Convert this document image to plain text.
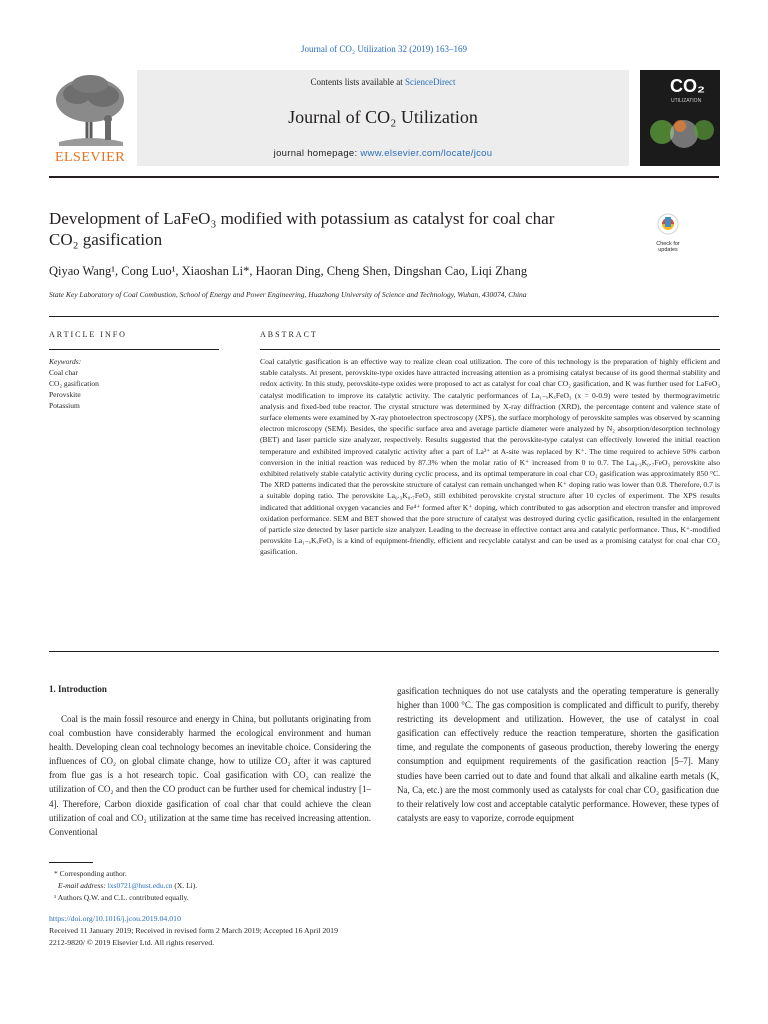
Journal of CO₂ Utilization 32 (2019) 163–169
ELSEVIER
Contents lists available at ScienceDirect
Journal of CO₂ Utilization
journal homepage: www.elsevier.com/locate/jcou
CO₂
UTILIZATION
Development of LaFeO₃ modified with potassium as catalyst for coal char
CO₂ gasification	Check for
updates
Qiyao Wang¹, Cong Luo¹, Xiaoshan Li*, Haoran Ding, Cheng Shen, Dingshan Cao, Liqi Zhang
State Key Laboratory of Coal Combustion, School of Energy and Power Engineering, Huazhong University of Science and Technology, Wuhan, 430074, China
ARTICLE INFO	ABSTRACT
Keywords:
Coal char
CO₂ gasification
Perovskite
Potassium
Coal catalytic gasification is an effective way to realize clean coal utilization. The core of this technology is the preparation of highly efficient and stable catalysts. At present, perovskite-type oxides have attracted increasing attention as a promising catalyst because of its good thermal stability and redox activity. In this study, perovskite-type oxides were proposed to act as catalyst for coal char CO₂ gasification, and K was further used for LaFeO₃ catalyst modification to improve its catalytic activity. The catalytic performances of La₁₋ₓKₓFeO₃ (x = 0-0.9) were tested by thermogravimetric analysis and fixed-bed tube reactor. The crystal structure was determined by X-ray diffraction (XRD), the percentage content and valence state of surface elements were examined by X-ray photoelectron spectroscopy (XPS), the surface morphology of perovskite samples was observed by scanning electron microscopy (SEM). Besides, the specific surface area and average particle diameter were analyzed by N₂ absorption/desorption technology (BET) and laser particle size analyzer, respectively. Results suggested that the perovskite-type catalyst can effectively lowered the initial reaction temperature and exhibited improved catalytic activity after a part of La³⁺ at A-site was replaced by K⁺. The time required to achieve 50% carbon conversion in the initial reaction was reduced by 87.3% when the molar ratio of K⁺ increased from 0 to 0.7. The La₀.₃K₀.₇FeO₃ perovskite also exhibited relatively stable catalytic activity during cyclic process, and its optimal temperature in coal char CO₂ gasification was approximately 850 °C. The XRD patterns indicated that the perovskite structure of catalyst can remain unchanged when K⁺ doping ratio was lower than 0.8. Therefore, 0.7 is a suitable doping ratio. The perovskite La₀.₃K₀.₇FeO₃ still exhibited perovskite crystal structure after 10 cycles of experiment. The XPS results indicated that additional oxygen vacancies and Fe⁴⁺ formed after K⁺ doping, which contributed to gas adsorption and electron transfer and improved oxidation performance. SEM and BET showed that the pore structure of catalyst was destroyed during cyclic gasification, resulted in the enlargement of particle size detected by laser particle size analyzer. Leading to the decrease in effective contact area and catalytic performance. Thus, K⁺-modified perovskite La₁₋ₓKₓFeO₃ is a kind of equipment-friendly, efficient and recyclable catalyst and can be used as a promising catalyst for coal char CO₂ gasification.
1. Introduction

Coal is the main fossil resource and energy in China, but pollutants originating from coal combustion have considerably harmed the ecological environment and human health. Developing clean coal technology becomes an inevitable choice. Considering the influences of CO₂ on global climate change, how to utilize CO₂ after it was captured from flue gas is a hot research topic. Coal gasification with CO₂ can realize the utilization of CO₂ and then the CO product can be further used for chemical industry [1–4]. Therefore, Carbon dioxide gasification of coal char that could achieve the clean utilization of coal and CO₂ utilization at the same time has received increasing attention. Conventional

gasification techniques do not use catalysts and the operating temperature is generally higher than 1000 °C. The gas composition is complicated and difficult to purify, thereby restricting its development and utilization. However, the use of catalyst in coal gasification can effectively reduce the reaction temperature, shorten the gasification time, and regulate the components of gaseous production, thereby lowering the energy consumption and equipment requirements of the gasification reaction [5–7]. Many studies have been carried out to date and found that alkali and alkaline earth metals (K, Na, Ca, etc.) are the most commonly used as catalysts for coal char CO₂ gasification due to their relatively low cost and acceptable catalytic performance. However, these types of catalysts are easy to vaporize, corrode equipment

* Corresponding author.
E-mail address: lxs0721@hust.edu.cn (X. Li).
¹ Authors Q.W. and C.L. contributed equally.
https://doi.org/10.1016/j.jcou.2019.04.010
Received 11 January 2019; Received in revised form 2 March 2019; Accepted 16 April 2019
2212-9820/ © 2019 Elsevier Ltd. All rights reserved.
